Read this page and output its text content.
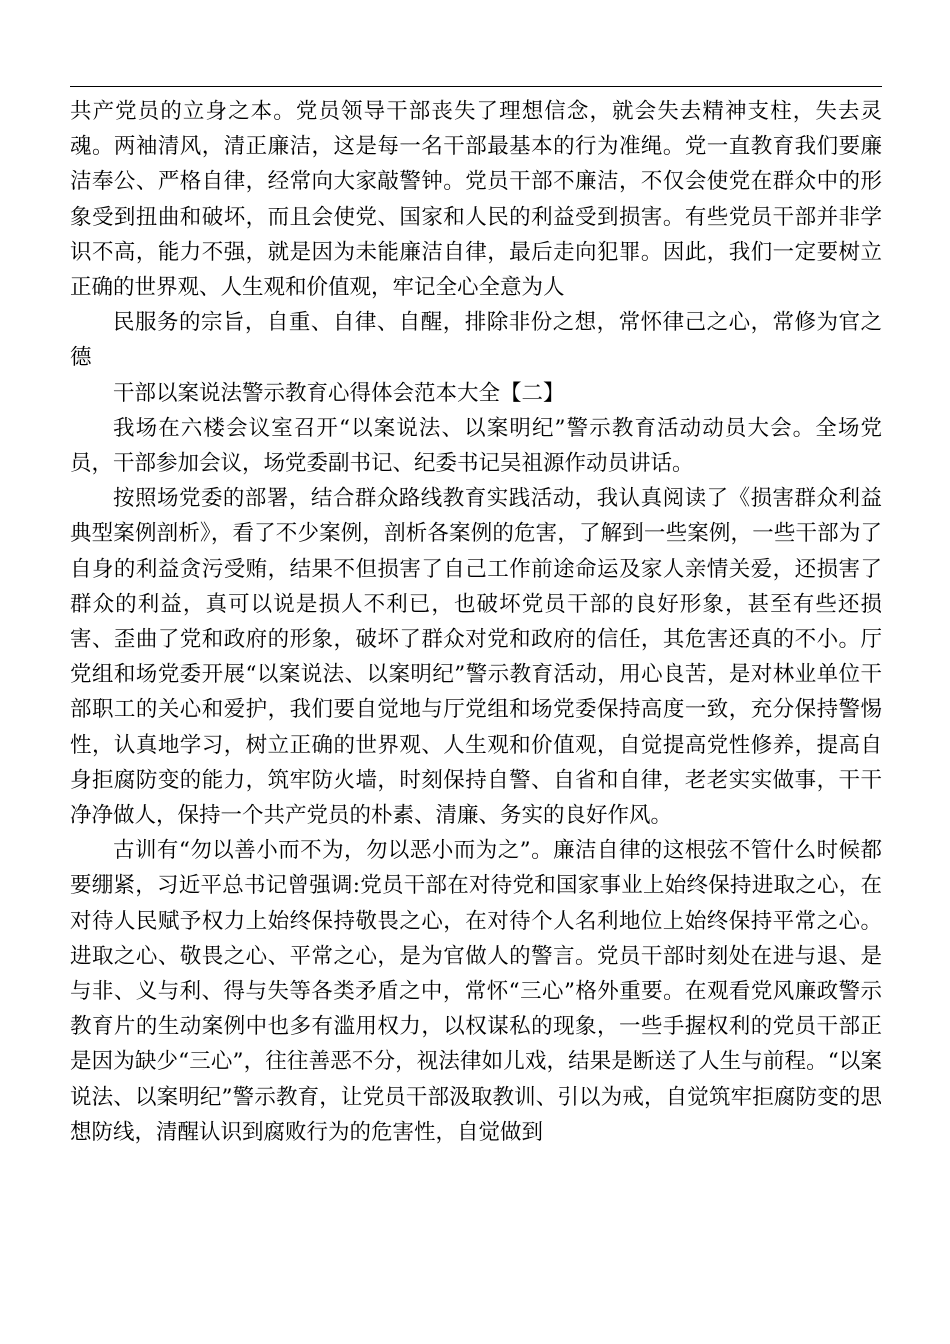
共产党员的立身之本。党员领导干部丧失了理想信念，就会失去精神支柱，失去灵魂。两袖清风，清正廉洁，这是每一名干部最基本的行为准绳。党一直教育我们要廉洁奉公、严格自律，经常向大家敲警钟。党员干部不廉洁，不仅会使党在群众中的形象受到扭曲和破坏，而且会使党、国家和人民的利益受到损害。有些党员干部并非学识不高，能力不强，就是因为未能廉洁自律，最后走向犯罪。因此，我们一定要树立正确的世界观、人生观和价值观，牢记全心全意为人

民服务的宗旨，自重、自律、自醒，排除非份之想，常怀律己之心，常修为官之德

干部以案说法警示教育心得体会范本大全【二】

我场在六楼会议室召开“以案说法、以案明纪”警示教育活动动员大会。全场党员，干部参加会议，场党委副书记、纪委书记吴祖源作动员讲话。

按照场党委的部署，结合群众路线教育实践活动，我认真阅读了《损害群众利益典型案例剖析》，看了不少案例，剖析各案例的危害，了解到一些案例，一些干部为了自身的利益贪污受贿，结果不但损害了自己工作前途命运及家人亲情关爱，还损害了群众的利益，真可以说是损人不利已，也破坏党员干部的良好形象，甚至有些还损害、歪曲了党和政府的形象，破坏了群众对党和政府的信任，其危害还真的不小。厅党组和场党委开展“以案说法、以案明纪”警示教育活动，用心良苦，是对林业单位干部职工的关心和爱护，我们要自觉地与厅党组和场党委保持高度一致，充分保持警惕性，认真地学习，树立正确的世界观、人生观和价值观，自觉提高党性修养，提高自身拒腐防变的能力，筑牢防火墙，时刻保持自警、自省和自律，老老实实做事，干干净净做人，保持一个共产党员的朴素、清廉、务实的良好作风。

古训有“勿以善小而不为，勿以恶小而为之”。廉洁自律的这根弦不管什么时候都要绷紧，习近平总书记曾强调:党员干部在对待党和国家事业上始终保持进取之心，在对待人民赋予权力上始终保持敬畏之心，在对待个人名利地位上始终保持平常之心。进取之心、敬畏之心、平常之心，是为官做人的警言。党员干部时刻处在进与退、是与非、义与利、得与失等各类矛盾之中，常怀“三心”格外重要。在观看党风廉政警示教育片的生动案例中也多有滥用权力，以权谋私的现象，一些手握权利的党员干部正是因为缺少“三心”，往往善恶不分，视法律如儿戏，结果是断送了人生与前程。“以案说法、以案明纪”警示教育，让党员干部汲取教训、引以为戒，自觉筑牢拒腐防变的思想防线，清醒认识到腐败行为的危害性，自觉做到
